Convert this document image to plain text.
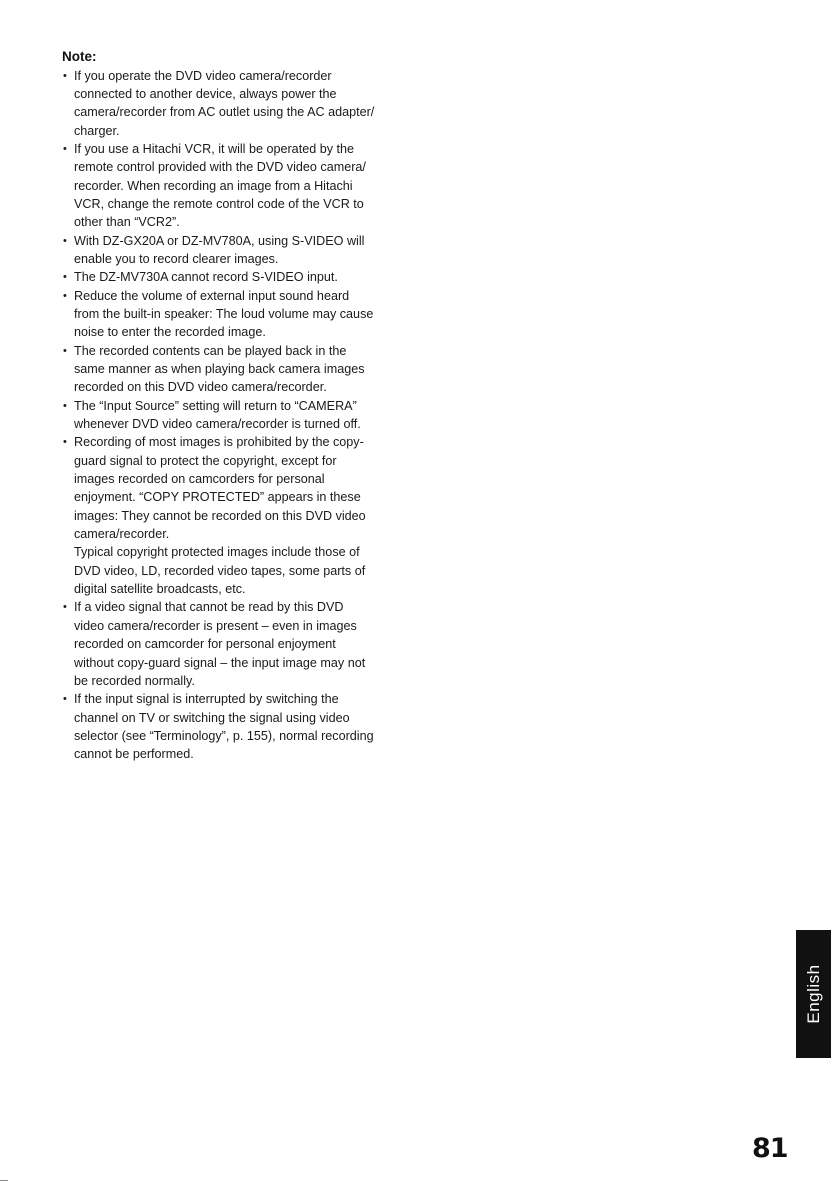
Note:
• If you operate the DVD video camera/recorder

connected to another device, always power the

camera/recorder from AC outlet using the AC adapter/

charger.

• If you use a Hitachi VCR, it will be operated by the

remote control provided with the DVD video camera/

recorder. When recording an image from a Hitachi

VCR, change the remote control code of the VCR to

other than “VCR2”.

• With DZ-GX20A or DZ-MV780A, using S-VIDEO will

enable you to record clearer images.

• The DZ-MV730A cannot record S-VIDEO input.

• Reduce the volume of external input sound heard

from the built-in speaker: The loud volume may cause

noise to enter the recorded image.

• The recorded contents can be played back in the

same manner as when playing back camera images

recorded on this DVD video camera/recorder.

• The “Input Source” setting will return to “CAMERA”

whenever DVD video camera/recorder is turned off.

• Recording of most images is prohibited by the copy-

guard signal to protect the copyright, except for

images recorded on camcorders for personal

enjoyment. “COPY PROTECTED” appears in these

images: They cannot be recorded on this DVD video

camera/recorder.

Typical copyright protected images include those of

DVD video, LD, recorded video tapes, some parts of

digital satellite broadcasts, etc.

• If a video signal that cannot be read by this DVD

video camera/recorder is present – even in images

recorded on camcorder for personal enjoyment

without copy-guard signal – the input image may not

be recorded normally.

• If the input signal is interrupted by switching the

channel on TV or switching the signal using video

selector (see “Terminology”, p. 155), normal recording

cannot be performed.

English
81
